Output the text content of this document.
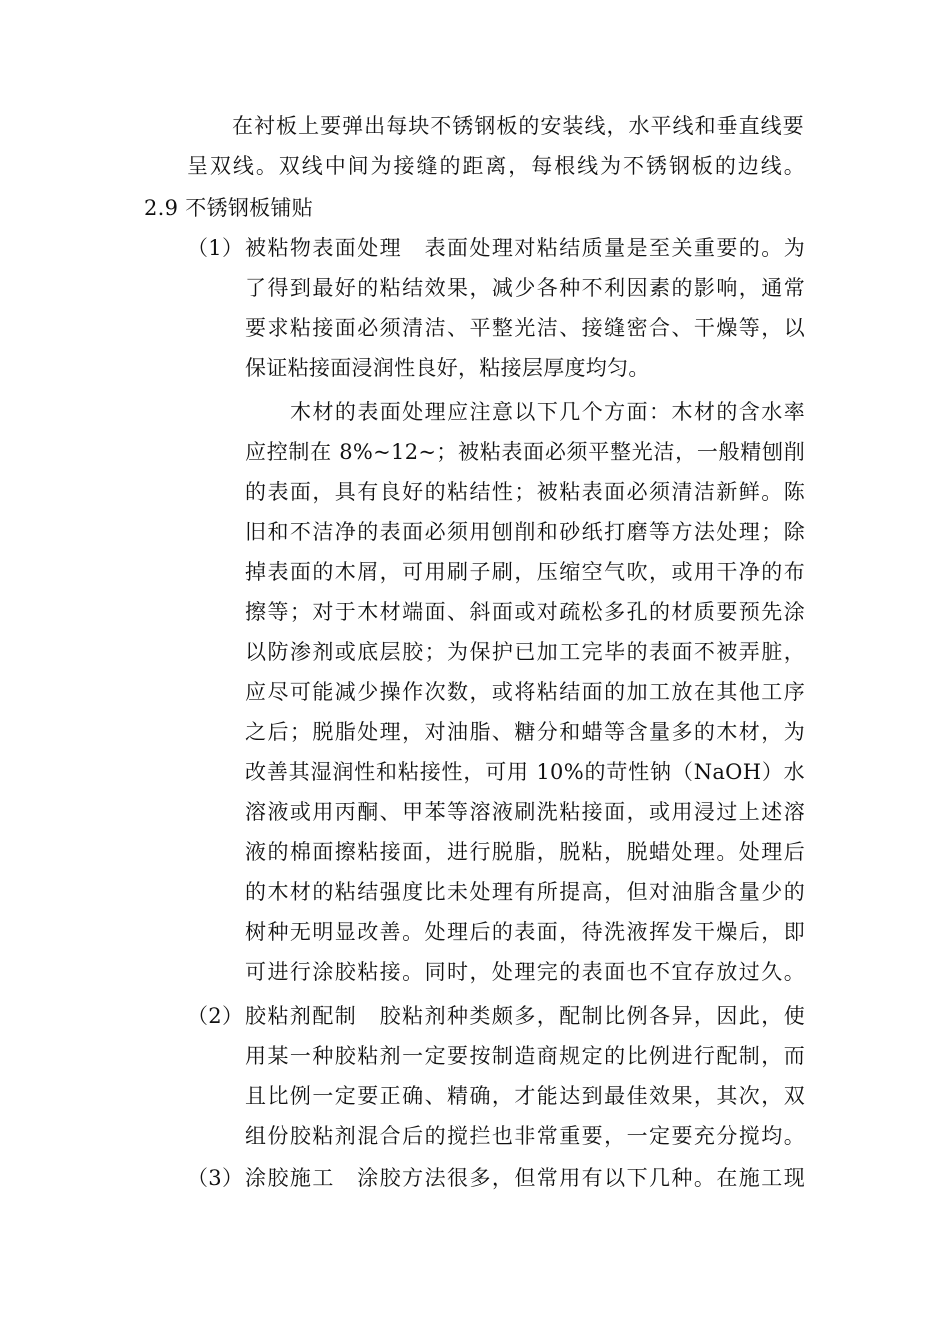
在衬板上要弹出每块不锈钢板的安装线，水平线和垂直线要
呈双线。双线中间为接缝的距离，每根线为不锈钢板的边线。
2.9 不锈钢板铺贴
（1） 被粘物表面处理　表面处理对粘结质量是至关重要的。为
了得到最好的粘结效果，减少各种不利因素的影响，通常
要求粘接面必须清洁、平整光洁、接缝密合、干燥等，以
保证粘接面浸润性良好，粘接层厚度均匀。
木材的表面处理应注意以下几个方面：木材的含水率
应控制在 8%~12~；被粘表面必须平整光洁，一般精刨削
的表面，具有良好的粘结性；被粘表面必须清洁新鲜。陈
旧和不洁净的表面必须用刨削和砂纸打磨等方法处理；除
掉表面的木屑，可用刷子刷，压缩空气吹，或用干净的布
擦等；对于木材端面、斜面或对疏松多孔的材质要预先涂
以防渗剂或底层胶；为保护已加工完毕的表面不被弄脏，
应尽可能减少操作次数，或将粘结面的加工放在其他工序
之后；脱脂处理，对油脂、糖分和蜡等含量多的木材，为
改善其湿润性和粘接性，可用 10%的苛性钠（NaOH）水
溶液或用丙酮、甲苯等溶液刷洗粘接面，或用浸过上述溶
液的棉面擦粘接面，进行脱脂，脱粘，脱蜡处理。处理后
的木材的粘结强度比未处理有所提高，但对油脂含量少的
树种无明显改善。处理后的表面，待洗液挥发干燥后，即
可进行涂胶粘接。同时，处理完的表面也不宜存放过久。
（2） 胶粘剂配制　胶粘剂种类颇多，配制比例各异，因此，使
用某一种胶粘剂一定要按制造商规定的比例进行配制，而
且比例一定要正确、精确，才能达到最佳效果，其次，双
组份胶粘剂混合后的搅拦也非常重要，一定要充分搅均。
（3） 涂胶施工　涂胶方法很多，但常用有以下几种。在施工现
